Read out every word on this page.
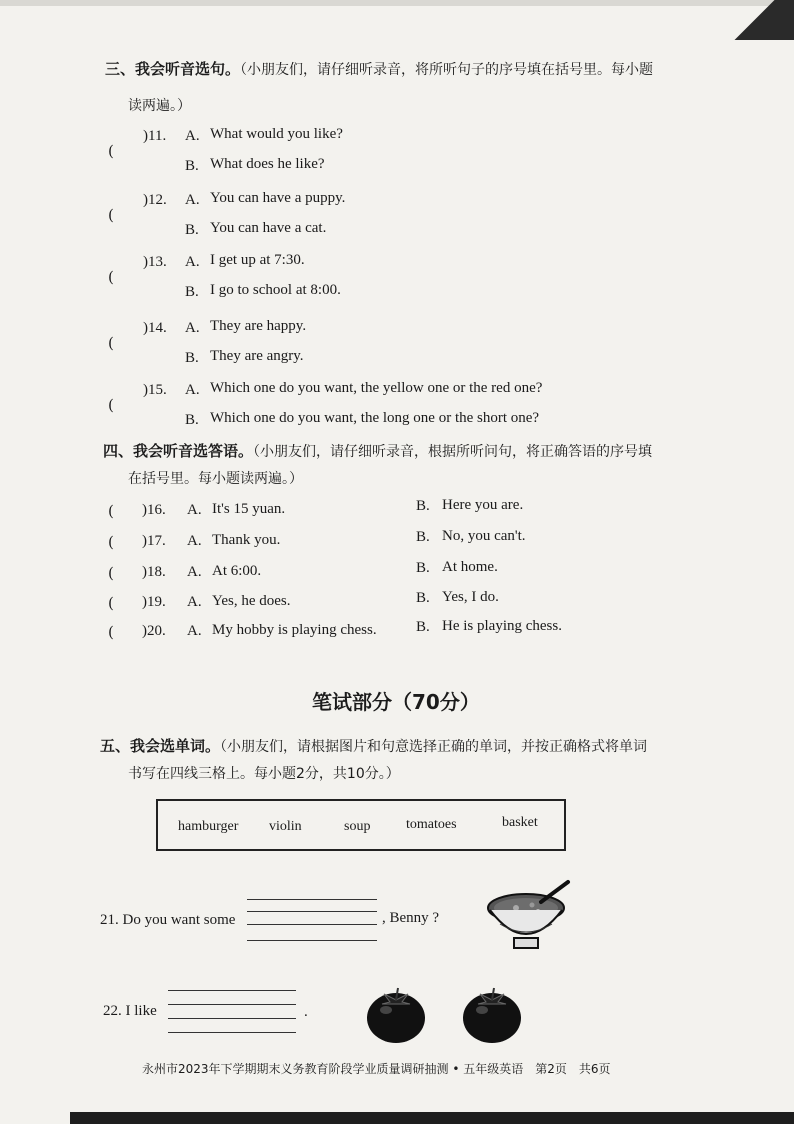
三、我会听音选句。（小朋友们，请仔细听录音，将所听句子的序号填在括号里。每小题
读两遍。）
(
)11. A. What would you like?
B. What does he like?
(
)12. A. You can have a puppy.
B. You can have a cat.
(
)13. A. I get up at 7:30.
B. I go to school at 8:00.
(
)14. A. They are happy.
B. They are angry.
(
)15. A. Which one do you want, the yellow one or the red one?
B. Which one do you want, the long one or the short one?
四、我会听音选答语。（小朋友们，请仔细听录音，根据所听问句，将正确答语的序号填
在括号里。每小题读两遍。）
( )16. A. It's 15 yuan.	B. Here you are.
( )17. A. Thank you.	B. No, you can't.
( )18. A. At 6:00.	B. At home.
( )19. A. Yes, he does.	B. Yes, I do.
( )20. A. My hobby is playing chess.	B. He is playing chess.
笔试部分（70分）
五、我会选单词。（小朋友们，请根据图片和句意选择正确的单词，并按正确格式将单词
书写在四线三格上。每小题2分，共10分。）
hamburger violin	soup	tomatoes	basket
21. Do you want some	, Benny ?
22. I like	.
永州市2023年下学期期末义务教育阶段学业质量调研抽测 • 五年级英语　第2页　共6页
